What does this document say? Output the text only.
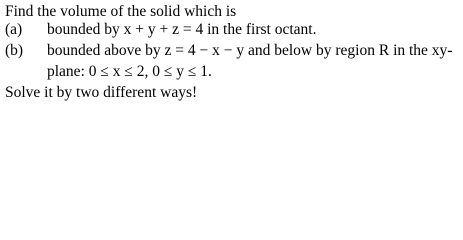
Find the volume of the solid which is
(a) bounded by x + y + z = 4 in the first octant.
(b) bounded above by z = 4 − x − y and below by region R in the xy-
plane: 0 ≤ x ≤ 2, 0 ≤ y ≤ 1.
Solve it by two different ways!
